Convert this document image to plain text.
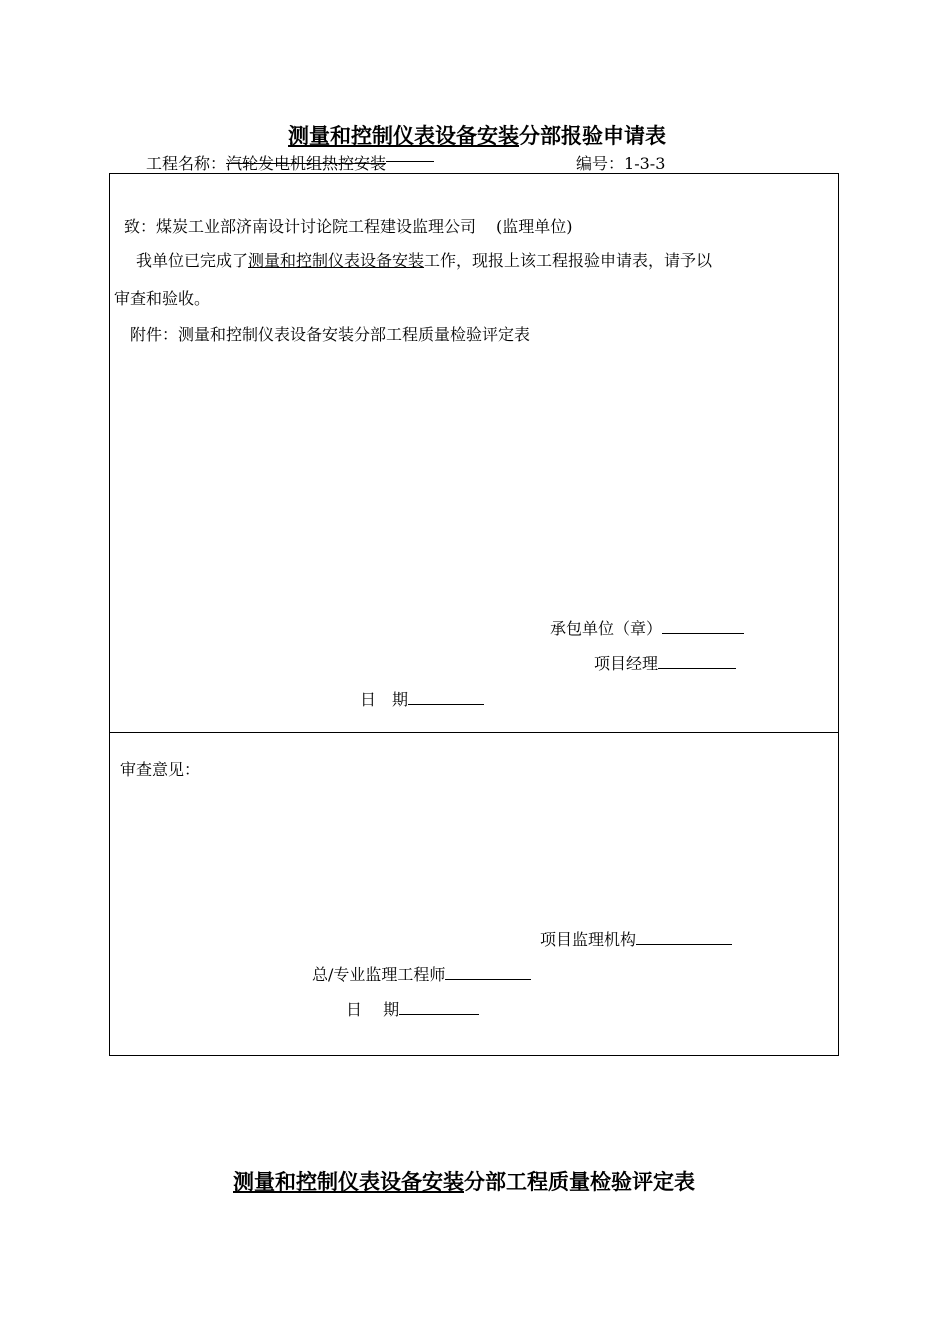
测量和控制仪表设备安装分部报验申请表
工程名称：汽轮发电机组热控安装	编号：1-3-3
致：煤炭工业部济南设计讨论院工程建设监理公司 (监理单位)
我单位已完成了测量和控制仪表设备安装工作，现报上该工程报验申请表，请予以
审查和验收。
附件：测量和控制仪表设备安装分部工程质量检验评定表
承包单位（章）
项目经理
日　期
审查意见：
项目监理机构
总/专业监理工程师
日　 期
测量和控制仪表设备安装分部工程质量检验评定表
